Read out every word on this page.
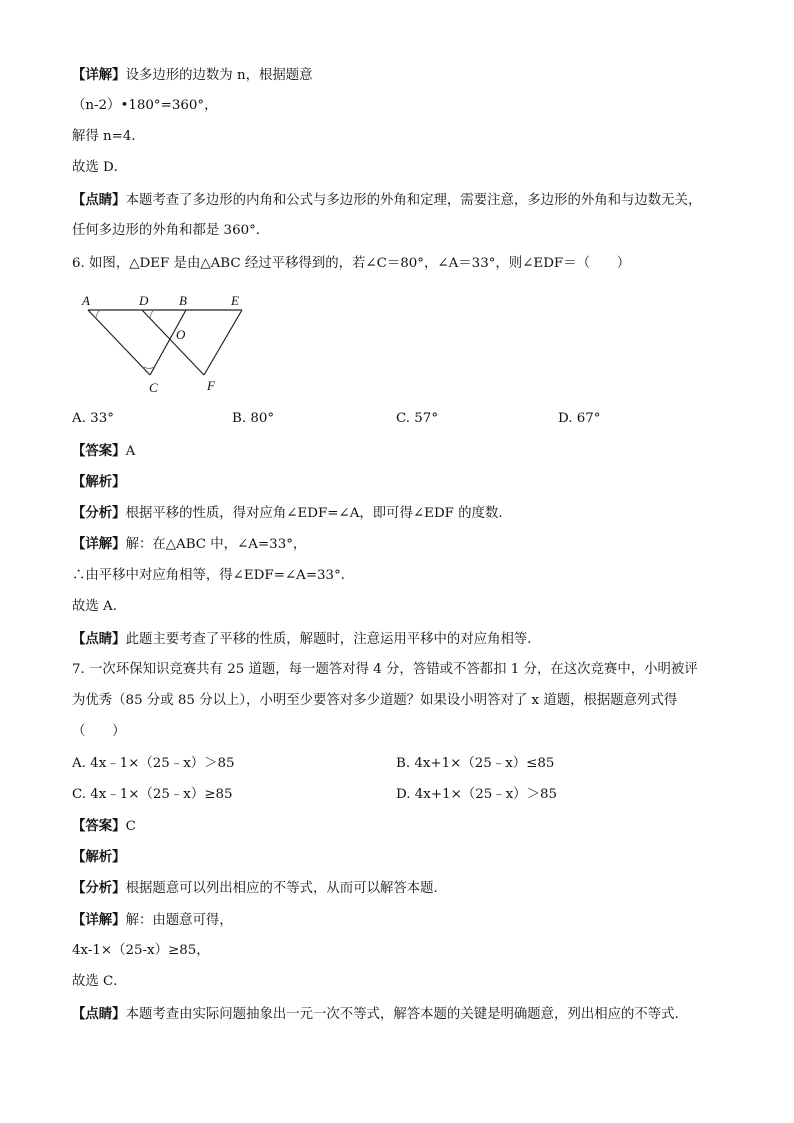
【详解】设多边形的边数为 n，根据题意
（n-2）•180°=360°，
解得 n=4．
故选 D．
【点睛】本题考查了多边形的内角和公式与多边形的外角和定理，需要注意，多边形的外角和与边数无关，
任何多边形的外角和都是 360°．
6. 如图，△DEF 是由△ABC 经过平移得到的，若∠C＝80°，∠A＝33°，则∠EDF＝（　　）
A	D B	E
O
C	F
A. 33°	B. 80°	C. 57°	D. 67°
【答案】A
【解析】
【分析】根据平移的性质，得对应角∠EDF=∠A，即可得∠EDF 的度数．
【详解】解：在△ABC 中，∠A=33°，
∴由平移中对应角相等，得∠EDF=∠A=33°．
故选 A．
【点睛】此题主要考查了平移的性质，解题时，注意运用平移中的对应角相等．
7. 一次环保知识竞赛共有 25 道题，每一题答对得 4 分，答错或不答都扣 1 分，在这次竞赛中，小明被评
为优秀（85 分或 85 分以上），小明至少要答对多少道题？如果设小明答对了 x 道题，根据题意列式得
（　　）
A. 4x﹣1×（25﹣x）＞85	B. 4x+1×（25﹣x）≤85
C. 4x﹣1×（25﹣x）≥85	D. 4x+1×（25﹣x）＞85
【答案】C
【解析】
【分析】根据题意可以列出相应的不等式，从而可以解答本题．
【详解】解：由题意可得，
4x-1×（25-x）≥85，
故选 C．
【点睛】本题考查由实际问题抽象出一元一次不等式，解答本题的关键是明确题意，列出相应的不等式．
